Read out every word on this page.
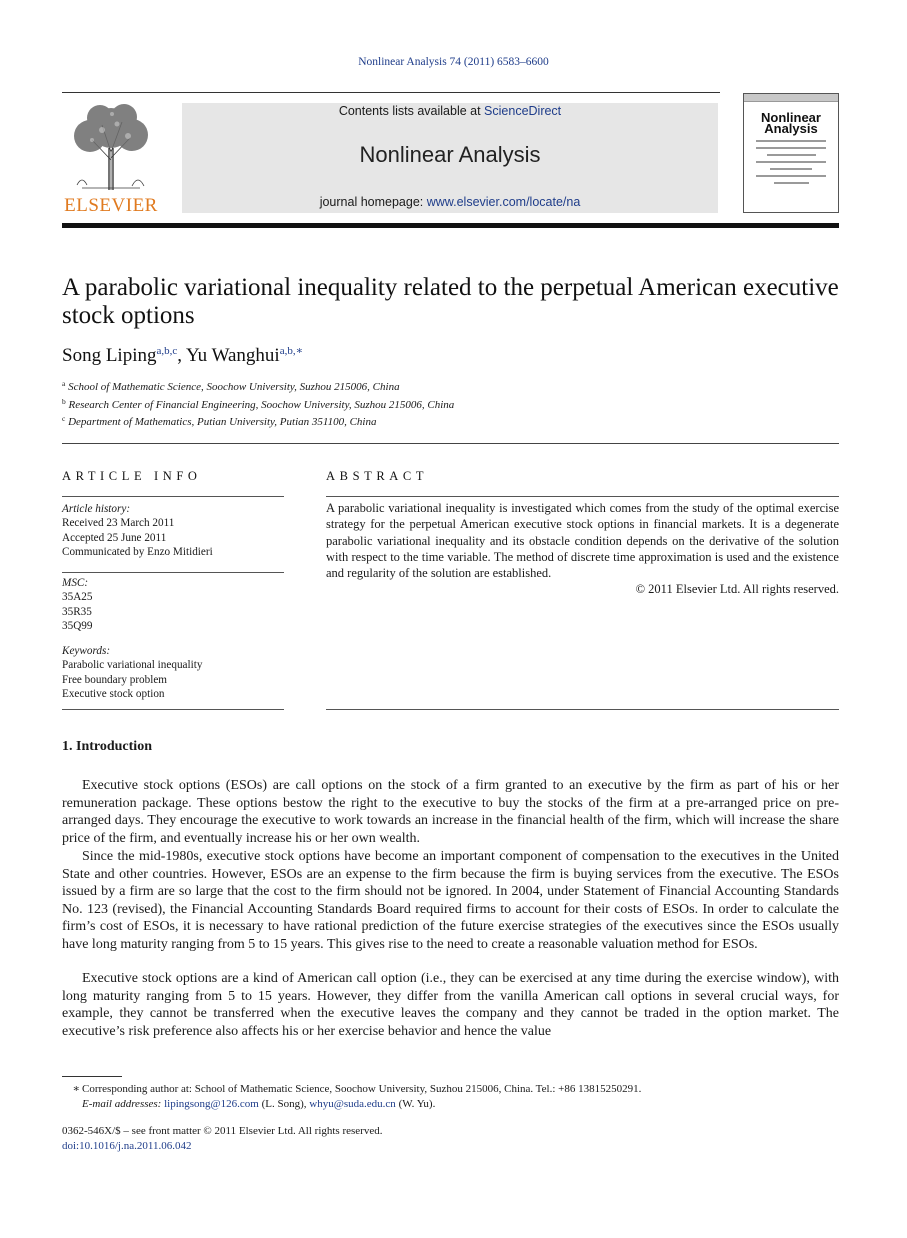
Nonlinear Analysis 74 (2011) 6583–6600
ELSEVIER
Contents lists available at ScienceDirect
Nonlinear Analysis
journal homepage: www.elsevier.com/locate/na
Nonlinear
Analysis
A parabolic variational inequality related to the perpetual American executive stock options
Song Liping$^{a,b,c}$, Yu Wanghui$^{a,b,∗}$
$^a$ School of Mathematic Science, Soochow University, Suzhou 215006, China
$^b$ Research Center of Financial Engineering, Soochow University, Suzhou 215006, China
$^c$ Department of Mathematics, Putian University, Putian 351100, China
ARTICLE INFO
Article history:
Received 23 March 2011
Accepted 25 June 2011
Communicated by Enzo Mitidieri
MSC:
35A25
35R35
35Q99
Keywords:
Parabolic variational inequality
Free boundary problem
Executive stock option
ABSTRACT
A parabolic variational inequality is investigated which comes from the study of the optimal exercise strategy for the perpetual American executive stock options in financial markets. It is a degenerate parabolic variational inequality and its obstacle condition depends on the derivative of the solution with respect to the time variable. The method of discrete time approximation is used and the existence and regularity of the solution are established.
© 2011 Elsevier Ltd. All rights reserved.
1. Introduction
Executive stock options (ESOs) are call options on the stock of a firm granted to an executive by the firm as part of his or her remuneration package. These options bestow the right to the executive to buy the stocks of the firm at a pre-arranged price on pre-arranged days. They encourage the executive to work towards an increase in the financial health of the firm, which will increase the share price of the firm, and eventually increase his or her own wealth.
Since the mid-1980s, executive stock options have become an important component of compensation to the executives in the United State and other countries. However, ESOs are an expense to the firm because the firm is buying services from the executive. The ESOs issued by a firm are so large that the cost to the firm should not be ignored. In 2004, under Statement of Financial Accounting Standards No. 123 (revised), the Financial Accounting Standards Board required firms to account for their costs of ESOs. In order to calculate the firm’s cost of ESOs, it is necessary to have rational prediction of the future exercise strategies of the executives since the ESOs usually have long maturity ranging from 5 to 15 years. This gives rise to the need to create a reasonable valuation method for ESOs.
Executive stock options are a kind of American call option (i.e., they can be exercised at any time during the exercise window), with long maturity ranging from 5 to 15 years. However, they differ from the vanilla American call options in several crucial ways, for example, they cannot be transferred when the executive leaves the company and they cannot be traded in the option market. The executive’s risk preference also affects his or her exercise behavior and hence the value
∗ Corresponding author at: School of Mathematic Science, Soochow University, Suzhou 215006, China. Tel.: +86 13815250291.
E-mail addresses: lipingsong@126.com (L. Song), whyu@suda.edu.cn (W. Yu).
0362-546X/$ – see front matter © 2011 Elsevier Ltd. All rights reserved.
doi:10.1016/j.na.2011.06.042
